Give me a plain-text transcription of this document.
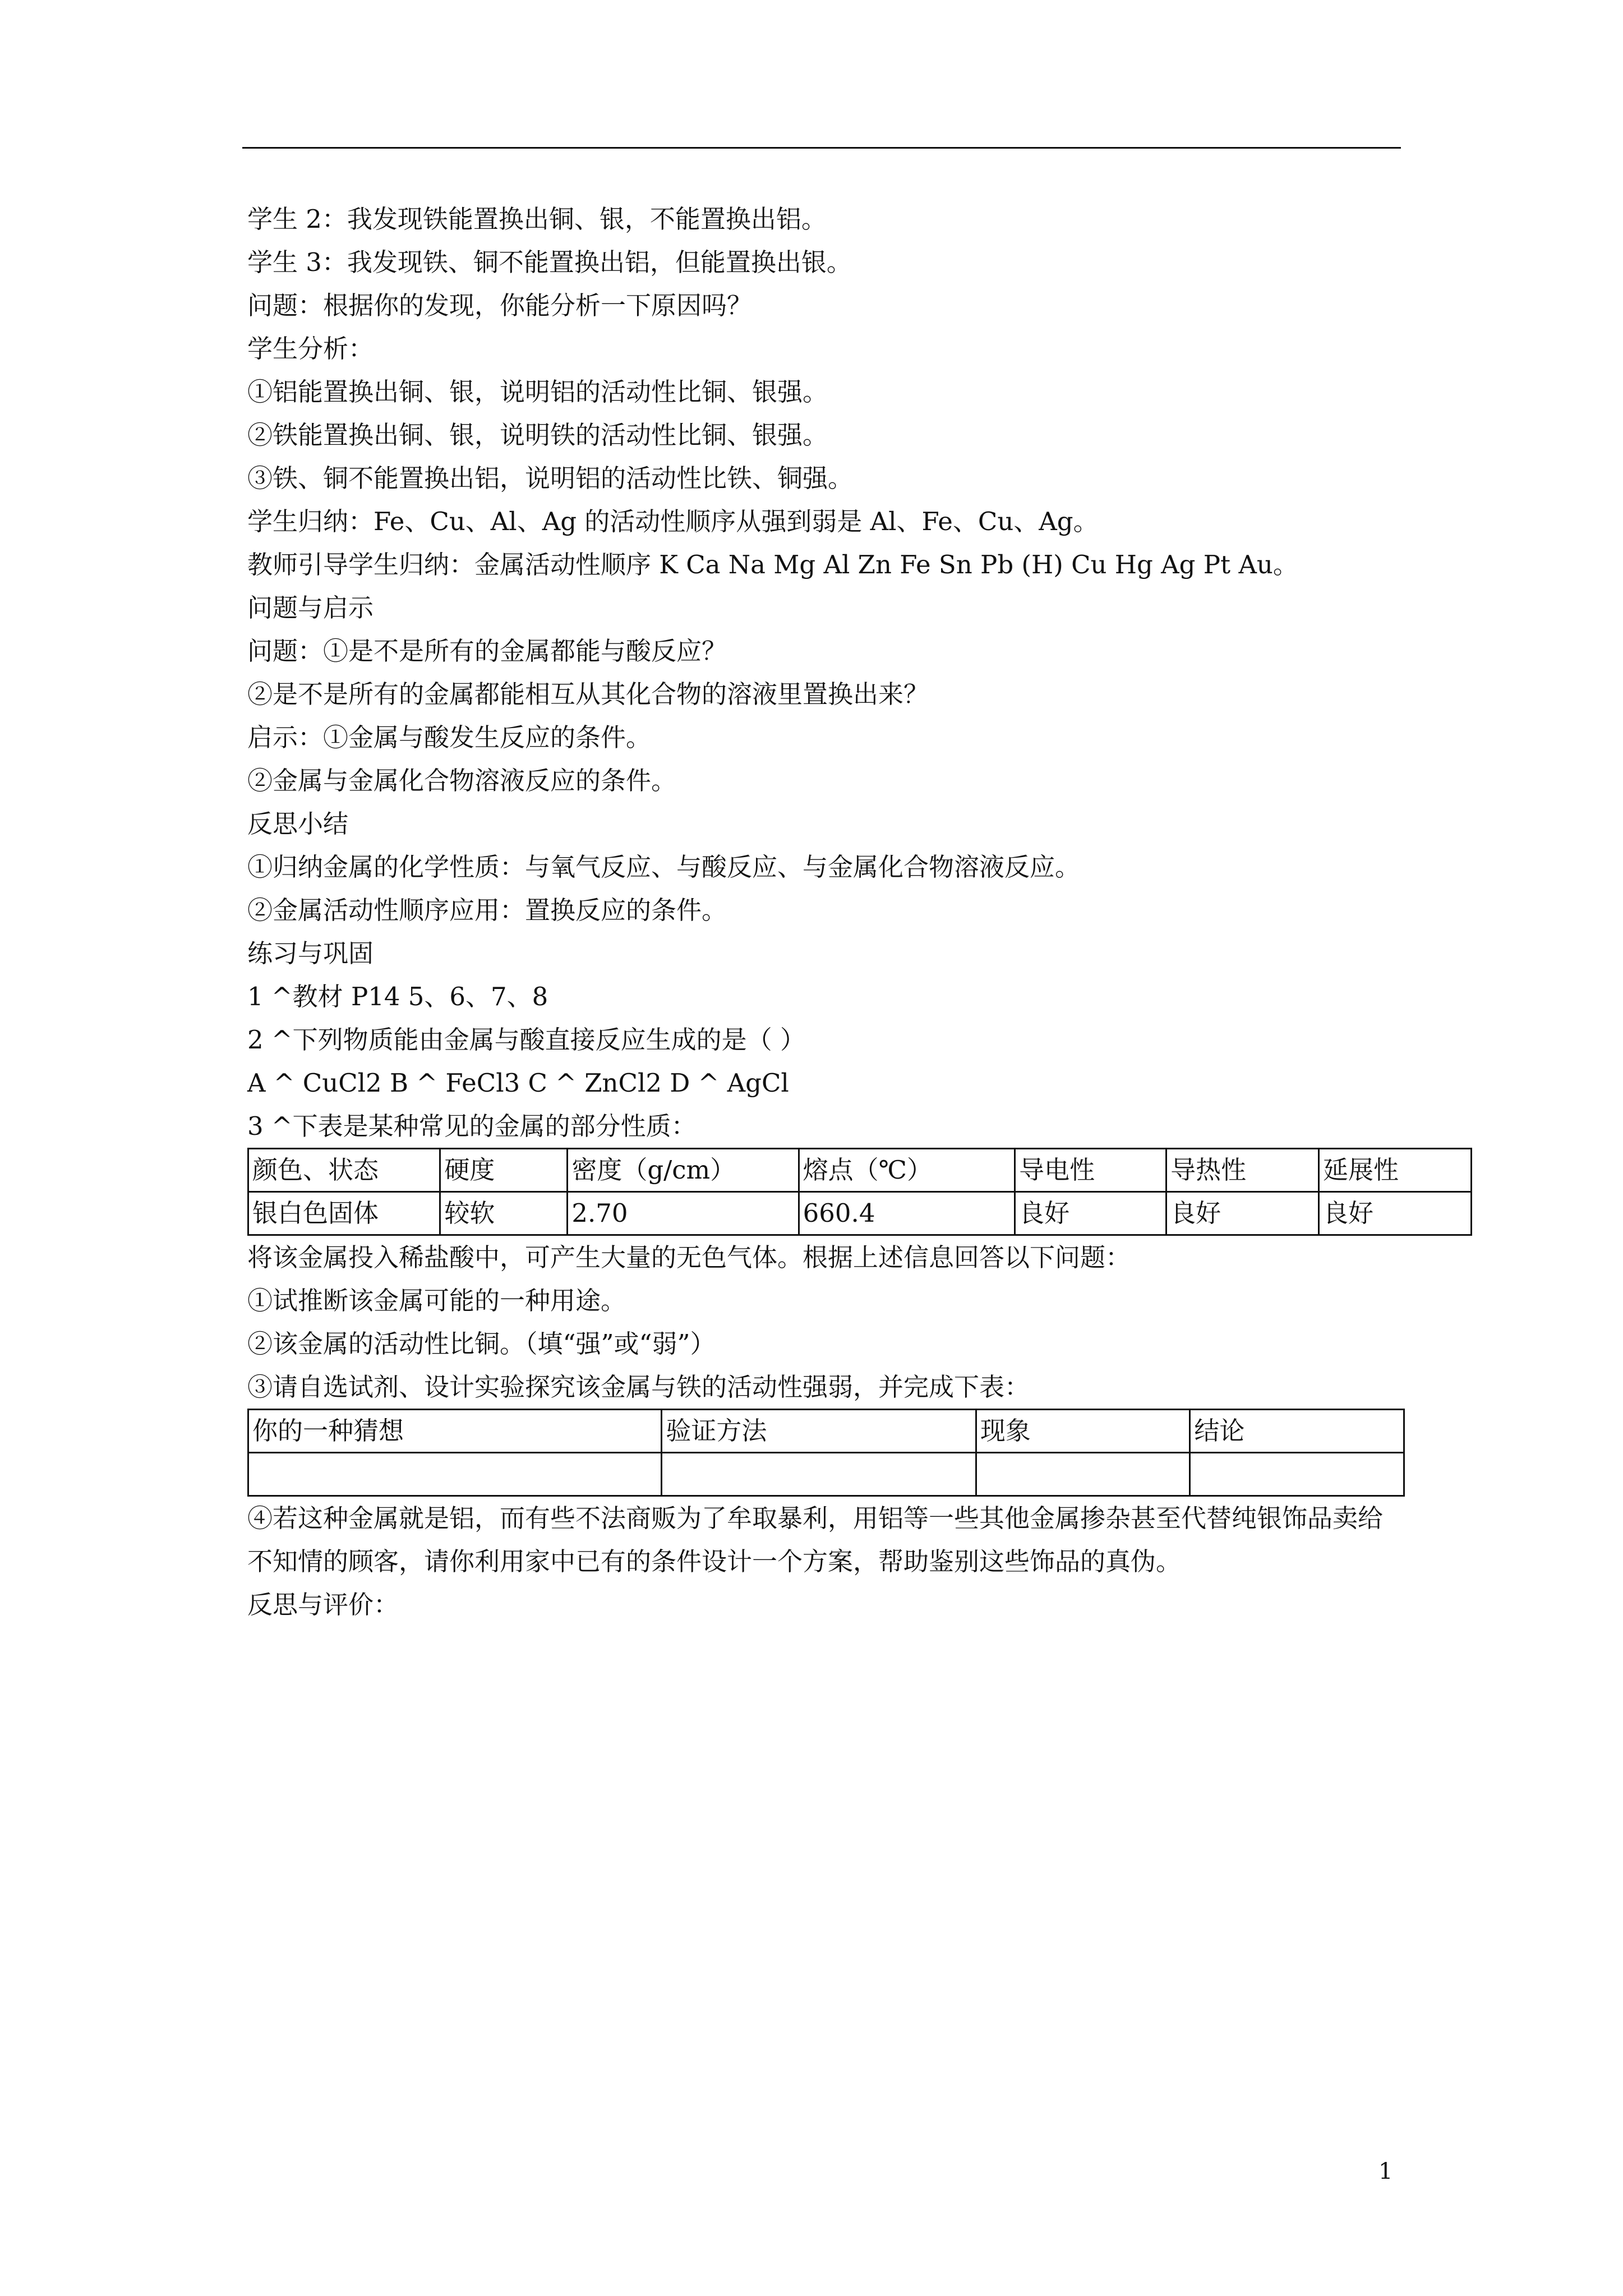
学生 2：我发现铁能置换出铜、银，不能置换出铝。
学生 3：我发现铁、铜不能置换出铝，但能置换出银。
问题：根据你的发现，你能分析一下原因吗？
学生分析：
①铝能置换出铜、银，说明铝的活动性比铜、银强。
②铁能置换出铜、银，说明铁的活动性比铜、银强。
③铁、铜不能置换出铝，说明铝的活动性比铁、铜强。
学生归纳：Fe、Cu、Al、Ag 的活动性顺序从强到弱是 Al、Fe、Cu、Ag。
教师引导学生归纳：金属活动性顺序 K Ca Na Mg Al Zn Fe Sn Pb (H) Cu Hg Ag Pt Au。
问题与启示
问题：①是不是所有的金属都能与酸反应？
②是不是所有的金属都能相互从其化合物的溶液里置换出来？
启示：①金属与酸发生反应的条件。
②金属与金属化合物溶液反应的条件。
反思小结
①归纳金属的化学性质：与氧气反应、与酸反应、与金属化合物溶液反应。
②金属活动性顺序应用：置换反应的条件。
练习与巩固
1 ^教材 P14 5、6、7、8
2 ^下列物质能由金属与酸直接反应生成的是（ ）
A ^ CuCl2 B ^ FeCl3 C ^ ZnCl2 D ^ AgCl
3 ^下表是某种常见的金属的部分性质：
颜色、状态	硬度	密度（g/cm）	熔点（℃）	导电性	导热性	延展性
银白色固体	较软	2.70	660.4	良好	良好	良好
将该金属投入稀盐酸中，可产生大量的无色气体。根据上述信息回答以下问题：
①试推断该金属可能的一种用途。
②该金属的活动性比铜。（填“强”或“弱”）
③请自选试剂、设计实验探究该金属与铁的活动性强弱，并完成下表：
你的一种猜想	验证方法	现象	结论

④若这种金属就是铝，而有些不法商贩为了牟取暴利，用铝等一些其他金属掺杂甚至代替纯银饰品卖给不知情的顾客，请你利用家中已有的条件设计一个方案，帮助鉴别这些饰品的真伪。
反思与评价：
1
